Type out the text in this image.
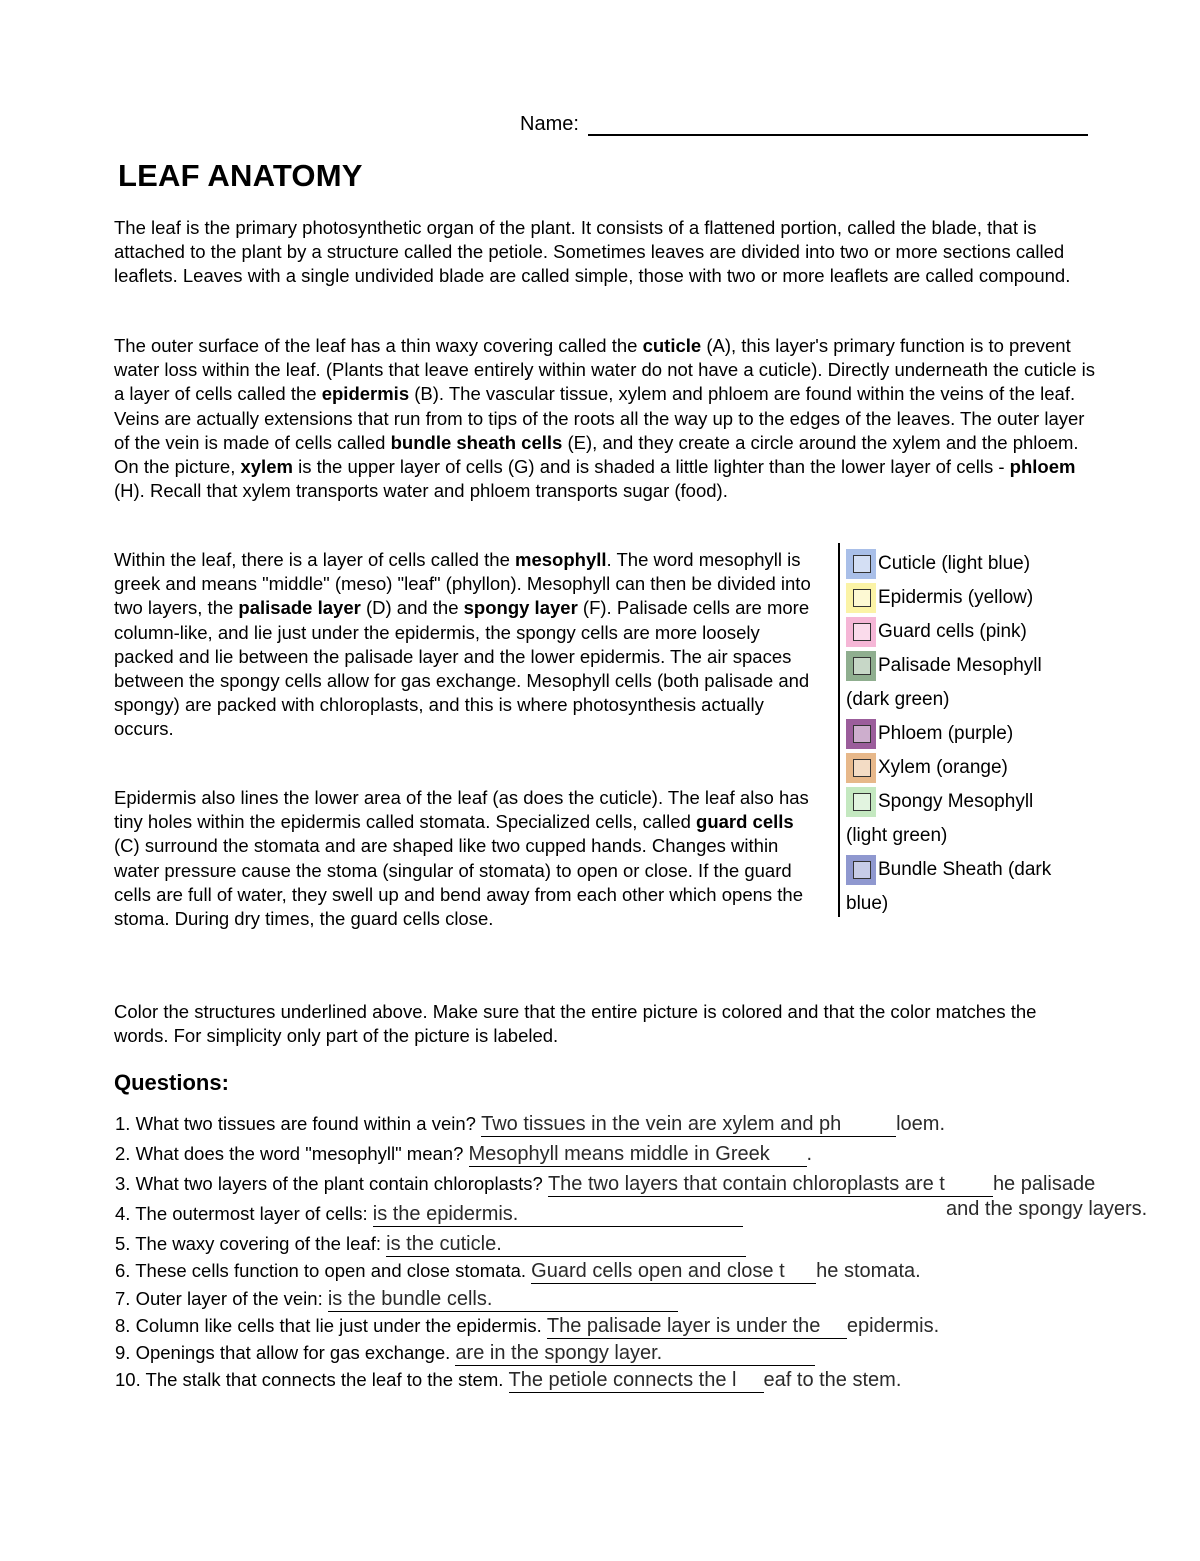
Name:
LEAF ANATOMY
The leaf is the primary photosynthetic organ of the plant. It consists of a flattened portion, called the blade, that is attached to the plant by a structure called the petiole. Sometimes leaves are divided into two or more sections called leaflets. Leaves with a single undivided blade are called simple, those with two or more leaflets are called compound.
The outer surface of the leaf has a thin waxy covering called the cuticle (A), this layer's primary function is to prevent water loss within the leaf. (Plants that leave entirely within water do not have a cuticle). Directly underneath the cuticle is a layer of cells called the epidermis (B). The vascular tissue, xylem and phloem are found within the veins of the leaf. Veins are actually extensions that run from to tips of the roots all the way up to the edges of the leaves. The outer layer of the vein is made of cells called bundle sheath cells (E), and they create a circle around the xylem and the phloem. On the picture, xylem is the upper layer of cells (G) and is shaded a little lighter than the lower layer of cells - phloem (H). Recall that xylem transports water and phloem transports sugar (food).
Within the leaf, there is a layer of cells called the mesophyll. The word mesophyll is greek and means "middle" (meso) "leaf" (phyllon). Mesophyll can then be divided into two layers, the palisade layer (D) and the spongy layer (F). Palisade cells are more column-like, and lie just under the epidermis, the spongy cells are more loosely packed and lie between the palisade layer and the lower epidermis. The air spaces between the spongy cells allow for gas exchange. Mesophyll cells (both palisade and spongy) are packed with chloroplasts, and this is where photosynthesis actually occurs.
Epidermis also lines the lower area of the leaf (as does the cuticle). The leaf also has tiny holes within the epidermis called stomata. Specialized cells, called guard cells (C) surround the stomata and are shaped like two cupped hands. Changes within water pressure cause the stoma (singular of stomata) to open or close. If the guard cells are full of water, they swell up and bend away from each other which opens the stoma. During dry times, the guard cells close.
Cuticle (light blue)
Epidermis (yellow)
Guard cells (pink)
Palisade Mesophyll
(dark green)
Phloem (purple)
Xylem (orange)
Spongy Mesophyll
(light green)
Bundle Sheath (dark
blue)
Color the structures underlined above. Make sure that the entire picture is colored and that the color matches the words. For simplicity only part of the picture is labeled.
Questions:
1. What two tissues are found within a vein? Two tissues in the vein are xylem and ph	loem.
2. What does the word "mesophyll" mean? Mesophyll means middle in Greek .
3. What two layers of the plant contain chloroplasts? The two layers that contain chloroplasts are t he palisade
and the spongy layers.
4. The outermost layer of cells: is the epidermis.
5. The waxy covering of the leaf: is the cuticle.
6. These cells function to open and close stomata. Guard cells open and close t he stomata.
7. Outer layer of the vein: is the bundle cells.
8. Column like cells that lie just under the epidermis. The palisade layer is under theepidermis.
9. Openings that allow for gas exchange. are in the spongy layer.
10. The stalk that connects the leaf to the stem. The petiole connects the l eaf to the stem.
